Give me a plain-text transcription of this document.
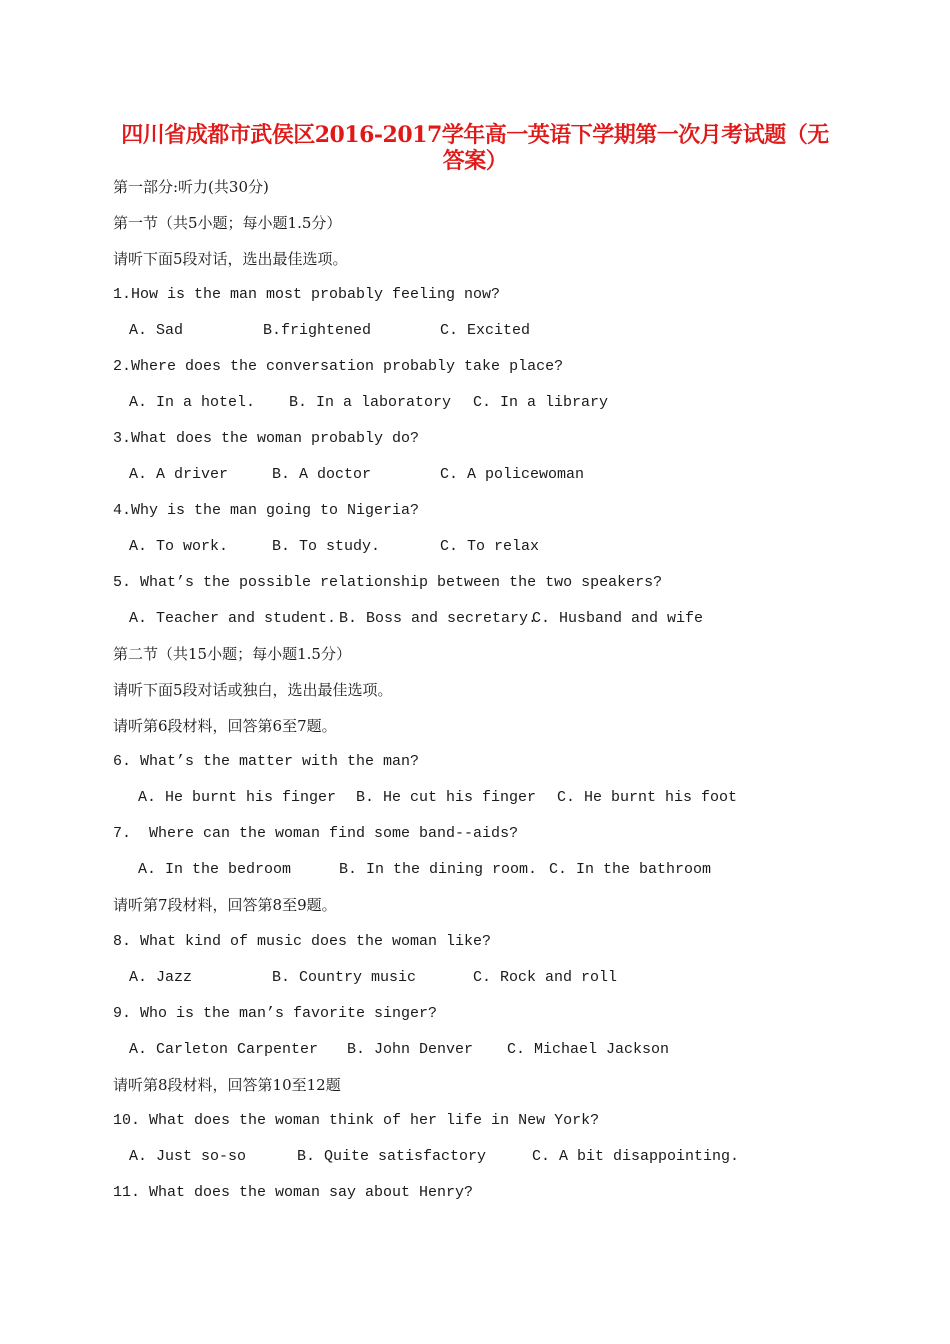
四川省成都市武侯区2016-2017学年高一英语下学期第一次月考试题（无
答案）
第一部分:听力(共30分)
第一节（共5小题；每小题1.5分）
请听下面5段对话，选出最佳选项。
1.How is the man most probably feeling now?
A. Sad	B.frightened	C. Excited
2.Where does the conversation probably take place?
A. In a hotel. B. In a laboratory C. In a library
3.What does the woman probably do?
A. A driver	B. A doctor	C. A policewoman
4.Why is the man going to Nigeria?
A. To work.	B. To study.	C. To relax
5. What’s the possible relationship between the two speakers?
A. Teacher and student. B. Boss and secretary.
C. Husband and wife
第二节（共15小题；每小题1.5分）
请听下面5段对话或独白，选出最佳选项。
请听第6段材料，回答第6至7题。
6. What’s the matter with the man?
A. He burnt his finger B. He cut his finger C. He burnt his foot
7.  Where can the woman find some band--aids?
A. In the bedroom	B. In the dining room. C. In the bathroom
请听第7段材料，回答第8至9题。
8. What kind of music does the woman like?
A. Jazz	B. Country music	C. Rock and roll
9. Who is the man’s favorite singer?
A. Carleton Carpenter B. John Denver C. Michael Jackson
请听第8段材料，回答第10至12题
10. What does the woman think of her life in New York?
A. Just so-so	B. Quite satisfactory	C. A bit disappointing.
11. What does the woman say about Henry?
